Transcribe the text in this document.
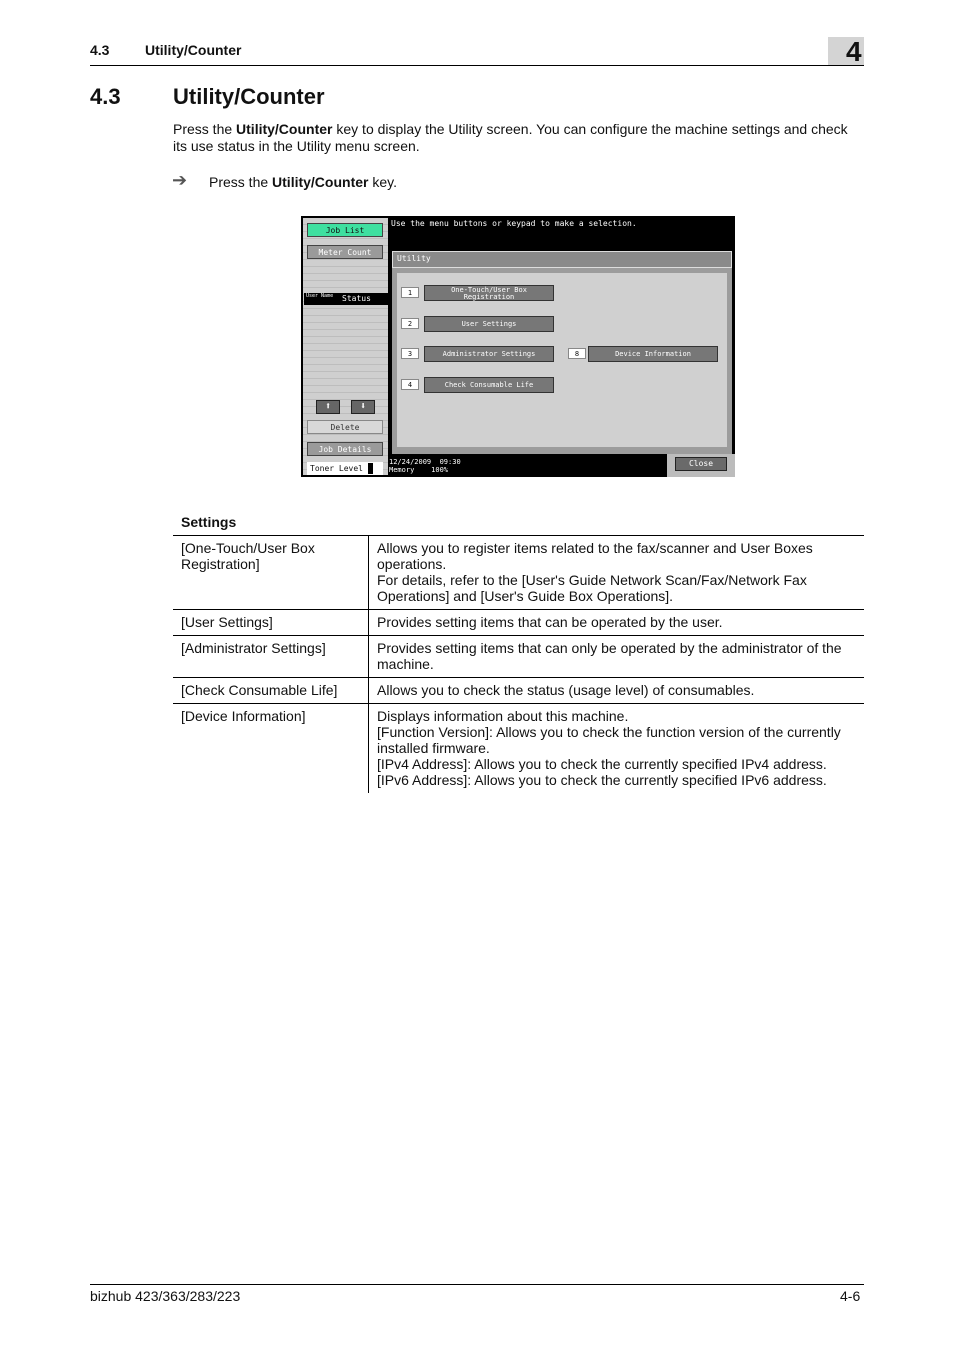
4.3	Utility/Counter	4
4.3 Utility/Counter
Press the Utility/Counter key to display the Utility screen. You can configure the machine settings and check its use status in the Utility menu screen.
➔ Press the Utility/Counter key.
Job List
Meter Count
User Name	Status
⬆	⬇
Delete
Job Details
Toner Level
Use the menu buttons or keypad to make a selection.
Utility
1	One-Touch/User Box Registration
2	User Settings
3	Administrator Settings
4	Check Consumable Life
8	Device Information
12/24/2009 09:30
Memory 100%
Close
Settings
[One-Touch/User Box Registration]	Allows you to register items related to the fax/scanner and User Boxes operations.
For details, refer to the [User's Guide Network Scan/Fax/Network Fax Operations] and [User's Guide Box Operations].

[User Settings]	Provides setting items that can be operated by the user.

[Administrator Settings]	Provides setting items that can only be operated by the administrator of the machine.

[Check Consumable Life]	Allows you to check the status (usage level) of consumables.

[Device Information]	Displays information about this machine.
[Function Version]: Allows you to check the function version of the currently installed firmware.
[IPv4 Address]: Allows you to check the currently specified IPv4 address.
[IPv6 Address]: Allows you to check the currently specified IPv6 address.
bizhub 423/363/283/223	4-6
